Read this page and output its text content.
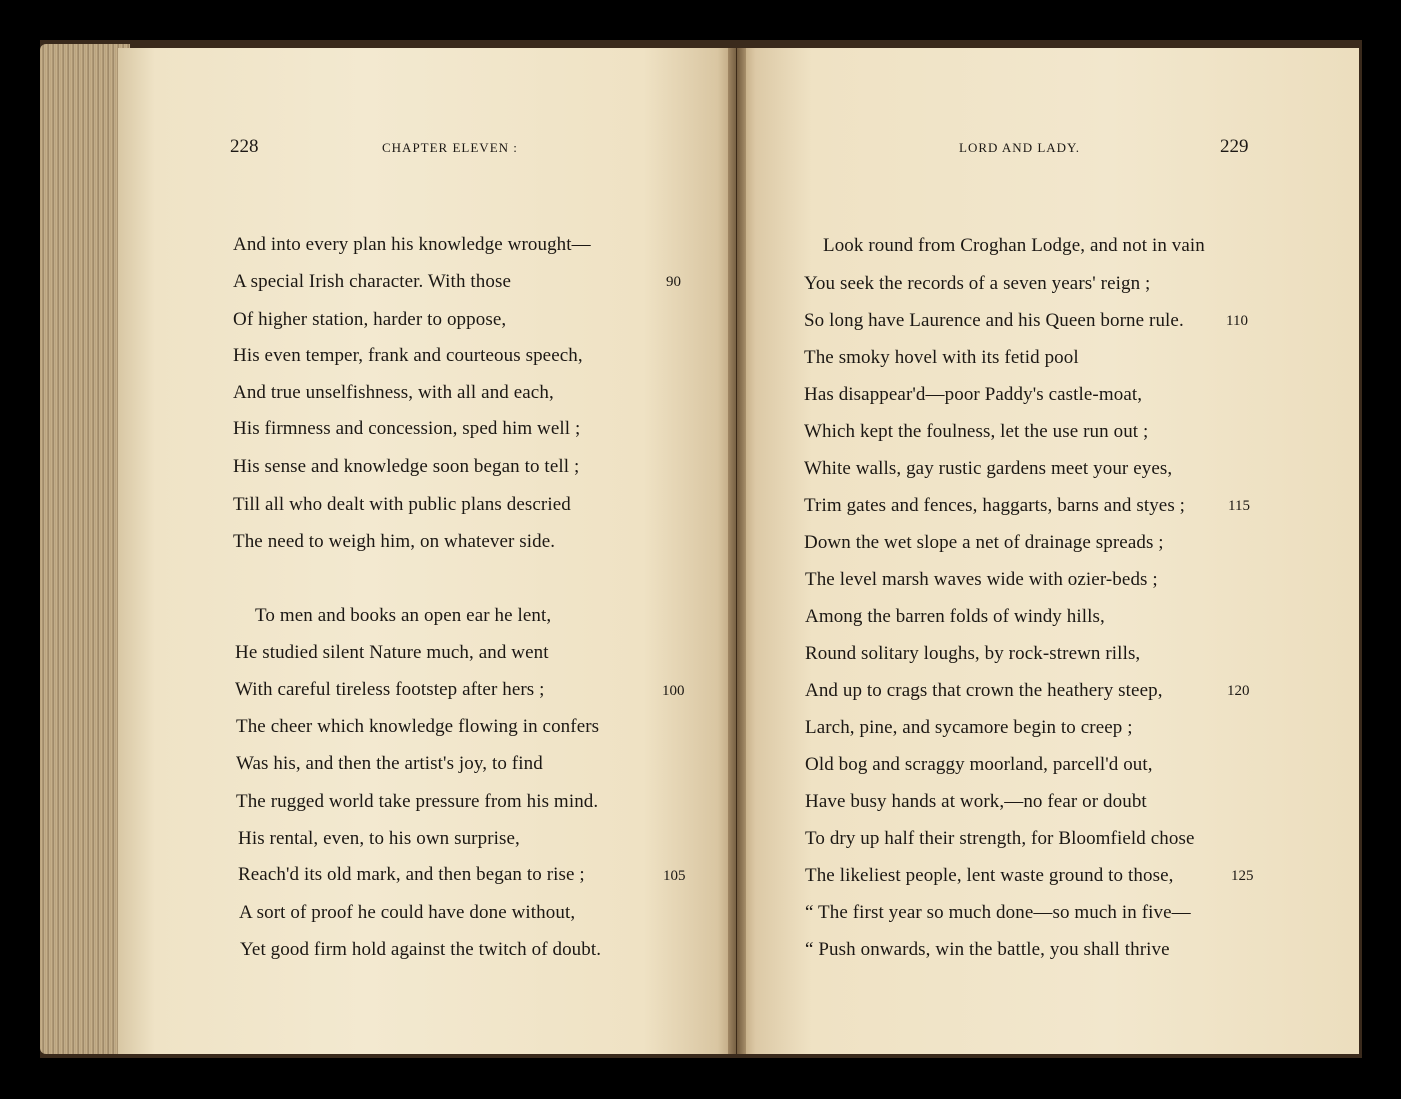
228	CHAPTER ELEVEN :
And into every plan his knowledge wrought—
A special Irish character. With those	90
Of higher station, harder to oppose,
His even temper, frank and courteous speech,
And true unselfishness, with all and each,
His firmness and concession, sped him well ;
His sense and knowledge soon began to tell ;
Till all who dealt with public plans descried
The need to weigh him, on whatever side.
To men and books an open ear he lent,
He studied silent Nature much, and went
With careful tireless footstep after hers ;	100
The cheer which knowledge flowing in confers
Was his, and then the artist's joy, to find
The rugged world take pressure from his mind.
His rental, even, to his own surprise,
Reach'd its old mark, and then began to rise ;	105
A sort of proof he could have done without,
Yet good firm hold against the twitch of doubt.
LORD AND LADY.	229
Look round from Croghan Lodge, and not in vain
You seek the records of a seven years' reign ;
So long have Laurence and his Queen borne rule.	110
The smoky hovel with its fetid pool
Has disappear'd—poor Paddy's castle-moat,
Which kept the foulness, let the use run out ;
White walls, gay rustic gardens meet your eyes,
Trim gates and fences, haggarts, barns and styes ;	115
Down the wet slope a net of drainage spreads ;
The level marsh waves wide with ozier-beds ;
Among the barren folds of windy hills,
Round solitary loughs, by rock-strewn rills,
And up to crags that crown the heathery steep,	120
Larch, pine, and sycamore begin to creep ;
Old bog and scraggy moorland, parcell'd out,
Have busy hands at work,—no fear or doubt
To dry up half their strength, for Bloomfield chose
The likeliest people, lent waste ground to those,	125
“ The first year so much done—so much in five—
“ Push onwards, win the battle, you shall thrive
